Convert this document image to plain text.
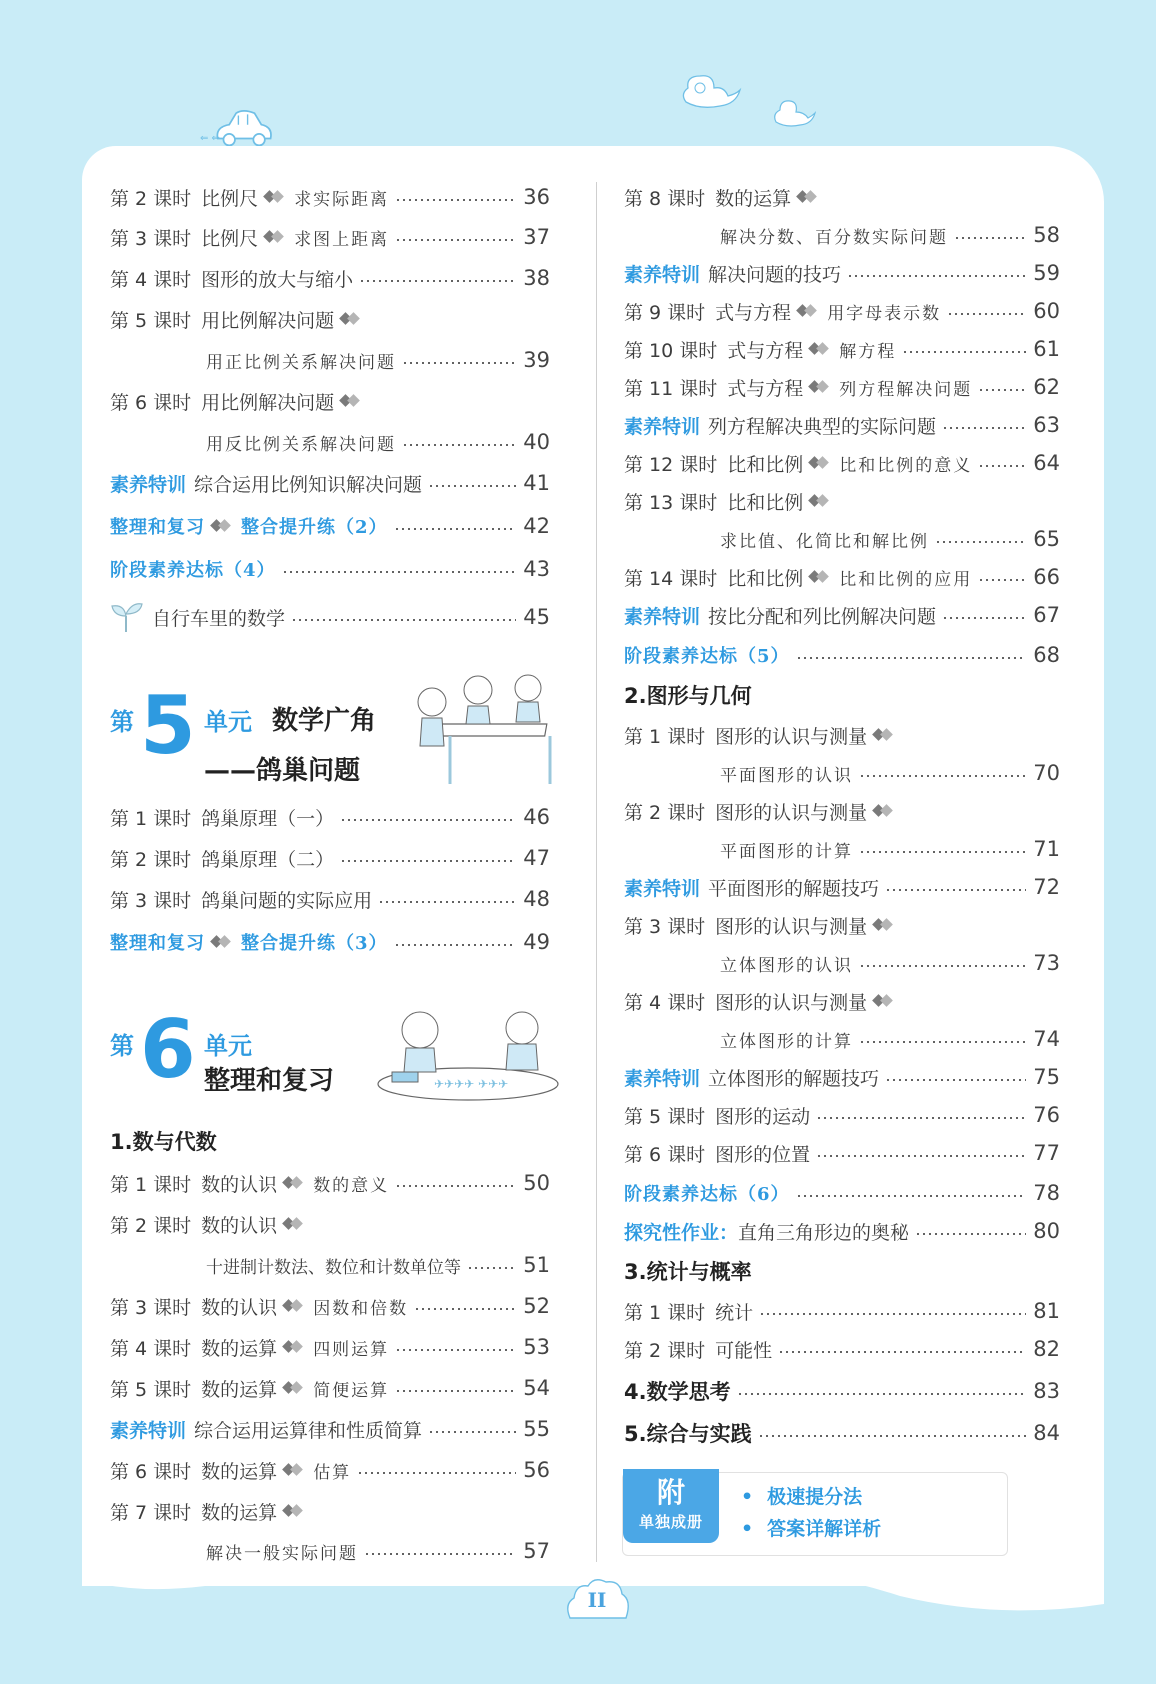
⇐ ⇐
第 2 课时 比例尺 求实际距离	36
第 3 课时 比例尺 求图上距离	37
第 4 课时 图形的放大与缩小	38
第 5 课时 用比例解决问题
用正比例关系解决问题	39
第 6 课时 用比例解决问题
用反比例关系解决问题	40
素养特训 综合运用比例知识解决问题	41
整理和复习 整合提升练（2）	42
阶段素养达标（4）	43
自行车里的数学	45
第 5 单元 数学广角
——鸽巢问题
第 1 课时 鸽巢原理（一）	46
第 2 课时 鸽巢原理（二）	47
第 3 课时 鸽巢问题的实际应用	48
整理和复习 整合提升练（3）	49
第 6 单元
整理和复习	✈✈✈✈ ✈✈✈
1.数与代数
第 1 课时 数的认识 数的意义	50
第 2 课时 数的认识
十进制计数法、数位和计数单位等	51
第 3 课时 数的认识 因数和倍数	52
第 4 课时 数的运算 四则运算	53
第 5 课时 数的运算 简便运算	54
素养特训 综合运用运算律和性质简算	55
第 6 课时 数的运算 估算	56
第 7 课时 数的运算
解决一般实际问题	57
第 8 课时 数的运算
解决分数、百分数实际问题	58
素养特训 解决问题的技巧	59
第 9 课时 式与方程 用字母表示数	60
第 10 课时 式与方程 解方程	61
第 11 课时 式与方程 列方程解决问题	62
素养特训 列方程解决典型的实际问题	63
第 12 课时 比和比例 比和比例的意义	64
第 13 课时 比和比例
求比值、化简比和解比例	65
第 14 课时 比和比例 比和比例的应用	66
素养特训 按比分配和列比例解决问题	67
阶段素养达标（5）	68
2.图形与几何
第 1 课时 图形的认识与测量
平面图形的认识	70
第 2 课时 图形的认识与测量
平面图形的计算	71
素养特训 平面图形的解题技巧	72
第 3 课时 图形的认识与测量
立体图形的认识	73
第 4 课时 图形的认识与测量
立体图形的计算	74
素养特训 立体图形的解题技巧	75
第 5 课时 图形的运动	76
第 6 课时 图形的位置	77
阶段素养达标（6）	78
探究性作业： 直角三角形边的奥秘	80
3.统计与概率
第 1 课时 统计	81
第 2 课时 可能性	82
4.数学思考	83
5.综合与实践	84
附
单独成册
• 极速提分法
• 答案详解详析
II
